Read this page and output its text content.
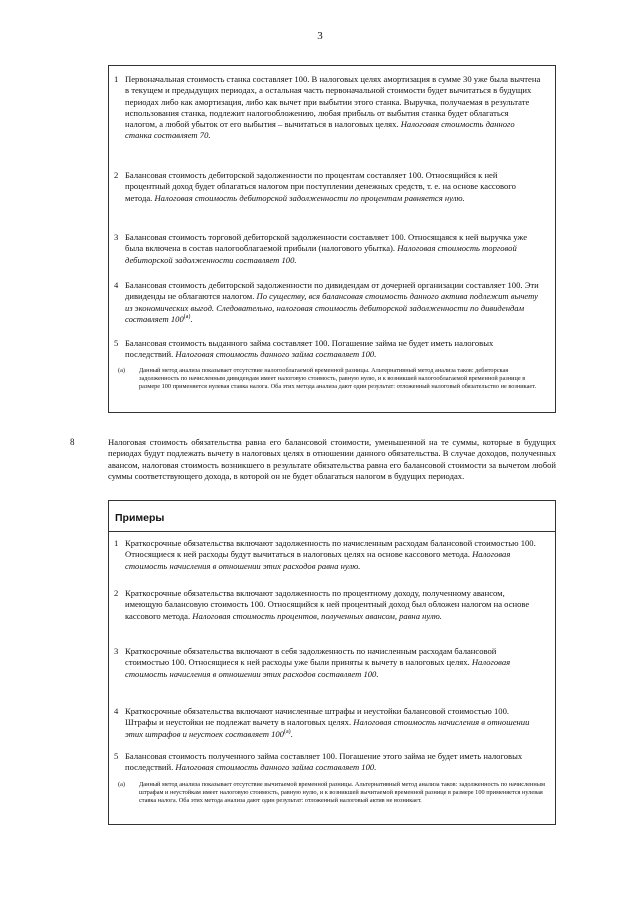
3
1 Первоначальная стоимость станка составляет 100. В налоговых целях амортизация в сумме 30 уже была вычтена в текущем и предыдущих периодах, а остальная часть первоначальной стоимости будет вычитаться в будущих периодах либо как амортизация, либо как вычет при выбытии этого станка. Выручка, получаемая в результате использования станка, подлежит налогообложению, любая прибыль от выбытия станка будет облагаться налогом, а любой убыток от его выбытия – вычитаться в налоговых целях. Налоговая стоимость данного станка составляет 70.
2 Балансовая стоимость дебиторской задолженности по процентам составляет 100. Относящийся к ней процентный доход будет облагаться налогом при поступлении денежных средств, т. е. на основе кассового метода. Налоговая стоимость дебиторской задолженности по процентам равняется нулю.
3 Балансовая стоимость торговой дебиторской задолженности составляет 100. Относящаяся к ней выручка уже была включена в состав налогооблагаемой прибыли (налогового убытка). Налоговая стоимость торговой дебиторской задолженности составляет 100.
4 Балансовая стоимость дебиторской задолженности по дивидендам от дочерней организации составляет 100. Эти дивиденды не облагаются налогом. По существу, вся балансовая стоимость данного актива подлежит вычету из экономических выгод. Следовательно, налоговая стоимость дебиторской задолженности по дивидендам составляет 100$^{(a)}$.
5 Балансовая стоимость выданного займа составляет 100. Погашение займа не будет иметь налоговых последствий. Налоговая стоимость данного займа составляет 100.
(a) Данный метод анализа показывает отсутствие налогооблагаемой временной разницы. Альтернативный метод анализа таков: дебиторская задолженность по начисленным дивидендам имеет налоговую стоимость, равную нулю, и к возникшей налогооблагаемой временной разнице в размере 100 применяется нулевая ставка налога. Оба этих метода анализа дают один результат: отложенный налоговый обязательство не возникает.
8	Налоговая стоимость обязательства равна его балансовой стоимости, уменьшенной на те суммы, которые в будущих периодах будут подлежать вычету в налоговых целях в отношении данного обязательства. В случае доходов, полученных авансом, налоговая стоимость возникшего в результате обязательства равна его балансовой стоимости за вычетом любой суммы соответствующего дохода, в которой он не будет облагаться налогом в будущих периодах.
Примеры
1 Краткосрочные обязательства включают задолженность по начисленным расходам балансовой стоимостью 100. Относящиеся к ней расходы будут вычитаться в налоговых целях на основе кассового метода. Налоговая стоимость начисления в отношении этих расходов равна нулю.
2 Краткосрочные обязательства включают задолженность по процентному доходу, полученному авансом, имеющую балансовую стоимость 100. Относящийся к ней процентный доход был обложен налогом на основе кассового метода. Налоговая стоимость процентов, полученных авансом, равна нулю.
3 Краткосрочные обязательства включают в себя задолженность по начисленным расходам балансовой стоимостью 100. Относящиеся к ней расходы уже были приняты к вычету в налоговых целях. Налоговая стоимость начисления в отношении этих расходов составляет 100.
4 Краткосрочные обязательства включают начисленные штрафы и неустойки балансовой стоимостью 100. Штрафы и неустойки не подлежат вычету в налоговых целях. Налоговая стоимость начисления в отношении этих штрафов и неустоек составляет 100$^{(a)}$.
5 Балансовая стоимость полученного займа составляет 100. Погашение этого займа не будет иметь налоговых последствий. Налоговая стоимость данного займа составляет 100.
(a) Данный метод анализа показывает отсутствие вычитаемой временной разницы. Альтернативный метод анализа таков: задолженность по начисленным штрафам и неустойкам имеет налоговую стоимость, равную нулю, и к возникшей вычитаемой временной разнице в размере 100 применяется нулевая ставка налога. Оба этих метода анализа дают один результат: отложенный налоговый актив не возникает.
